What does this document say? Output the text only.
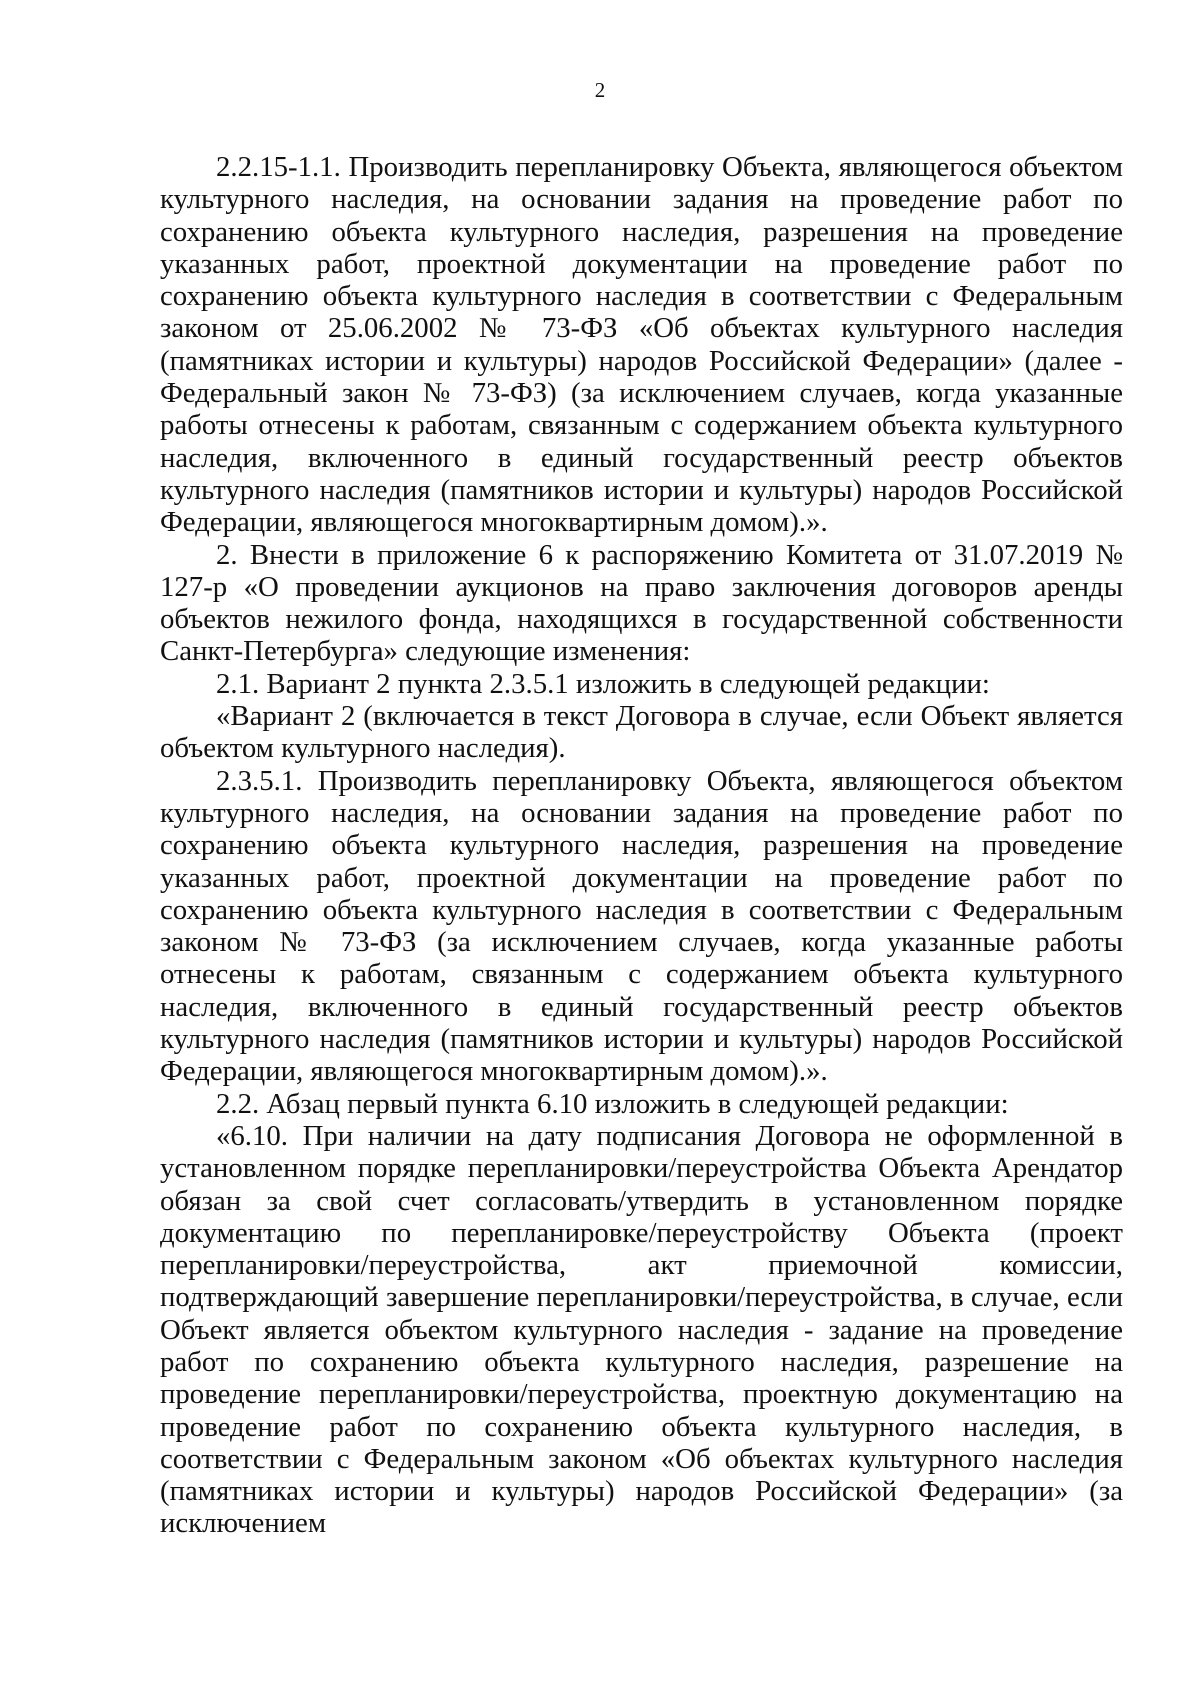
2

2.2.15-1.1. Производить перепланировку Объекта, являющегося объектом культурного наследия, на основании задания на проведение работ по сохранению объекта культурного наследия, разрешения на проведение указанных работ, проектной документации на проведение работ по сохранению объекта культурного наследия в соответствии с Федеральным законом от 25.06.2002 № 73-ФЗ «Об объектах культурного наследия (памятниках истории и культуры) народов Российской Федерации» (далее - Федеральный закон № 73-ФЗ) (за исключением случаев, когда указанные работы отнесены к работам, связанным с содержанием объекта культурного наследия, включенного в единый государственный реестр объектов культурного наследия (памятников истории и культуры) народов Российской Федерации, являющегося многоквартирным домом).».

2. Внести в приложение 6 к распоряжению Комитета от 31.07.2019 № 127-р «О проведении аукционов на право заключения договоров аренды объектов нежилого фонда, находящихся в государственной собственности Санкт-Петербурга» следующие изменения:

2.1. Вариант 2 пункта 2.3.5.1 изложить в следующей редакции:

«Вариант 2 (включается в текст Договора в случае, если Объект является объектом культурного наследия).

2.3.5.1. Производить перепланировку Объекта, являющегося объектом культурного наследия, на основании задания на проведение работ по сохранению объекта культурного наследия, разрешения на проведение указанных работ, проектной документации на проведение работ по сохранению объекта культурного наследия в соответствии с Федеральным законом № 73-ФЗ (за исключением случаев, когда указанные работы отнесены к работам, связанным с содержанием объекта культурного наследия, включенного в единый государственный реестр объектов культурного наследия (памятников истории и культуры) народов Российской Федерации, являющегося многоквартирным домом).».

2.2. Абзац первый пункта 6.10 изложить в следующей редакции:

«6.10. При наличии на дату подписания Договора не оформленной в установленном порядке перепланировки/переустройства Объекта Арендатор обязан за свой счет согласовать/утвердить в установленном порядке документацию по перепланировке/переустройству Объекта (проект перепланировки/переустройства, акт приемочной комиссии, подтверждающий завершение перепланировки/переустройства, в случае, если Объект является объектом культурного наследия - задание на проведение работ по сохранению объекта культурного наследия, разрешение на проведение перепланировки/переустройства, проектную документацию на проведение работ по сохранению объекта культурного наследия, в соответствии с Федеральным законом «Об объектах культурного наследия (памятниках истории и культуры) народов Российской Федерации» (за исключением
